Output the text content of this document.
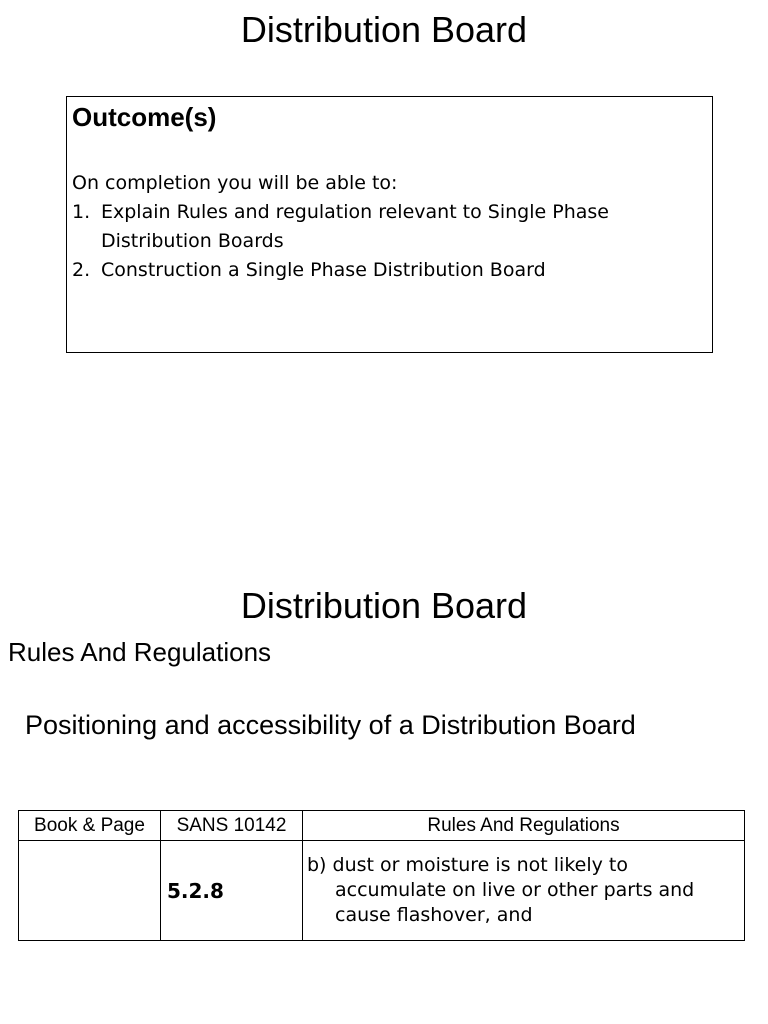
Distribution Board
Outcome(s)
On completion you will be able to:
1. Explain Rules and regulation relevant to Single Phase Distribution Boards
2. Construction a Single Phase Distribution Board
Distribution Board
Rules And Regulations
Positioning and accessibility of a Distribution Board
Book & Page	SANS 10142	Rules And Regulations
	5.2.8	b) dust or moisture is not likely to accumulate on live or other parts and cause flashover, and
